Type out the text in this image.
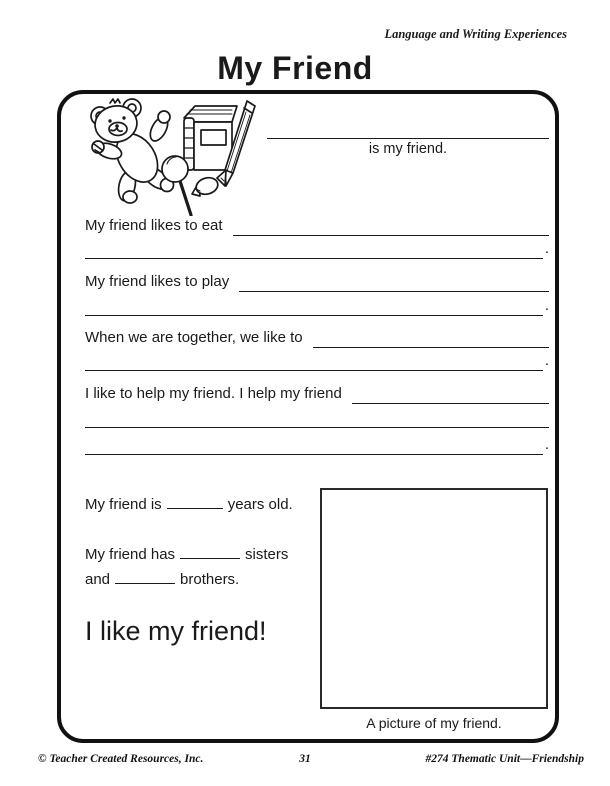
Language and Writing Experiences
My Friend
is my friend.
My friend likes to eat
.
My friend likes to play
.
When we are together, we like to
.
I like to help my friend. I help my friend
.
My friend is	years old.
My friend has	sisters
and	brothers.
I like my friend!
A picture of my friend.
© Teacher Created Resources, Inc.	31	#274 Thematic Unit—Friendship
